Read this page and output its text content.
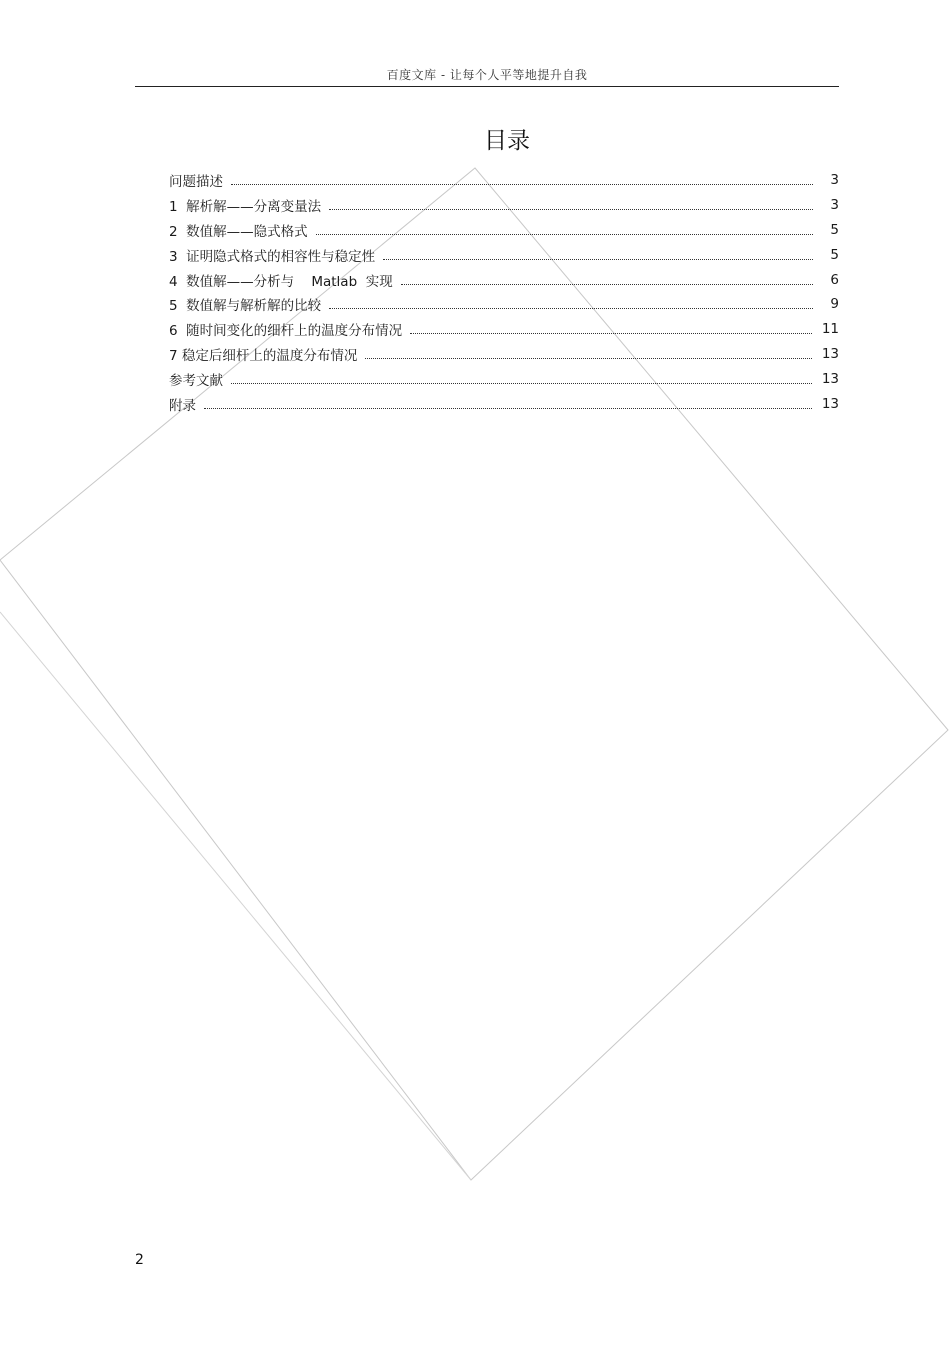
百度文库 - 让每个人平等地提升自我
目录
问题描述	3
1  解析解——分离变量法	3
2  数值解——隐式格式	5
3  证明隐式格式的相容性与稳定性	5
4  数值解——分析与    Matlab  实现	6
5  数值解与解析解的比较	9
6  随时间变化的细杆上的温度分布情况	11
7 稳定后细杆上的温度分布情况	13
参考文献	13
附录	13
2
